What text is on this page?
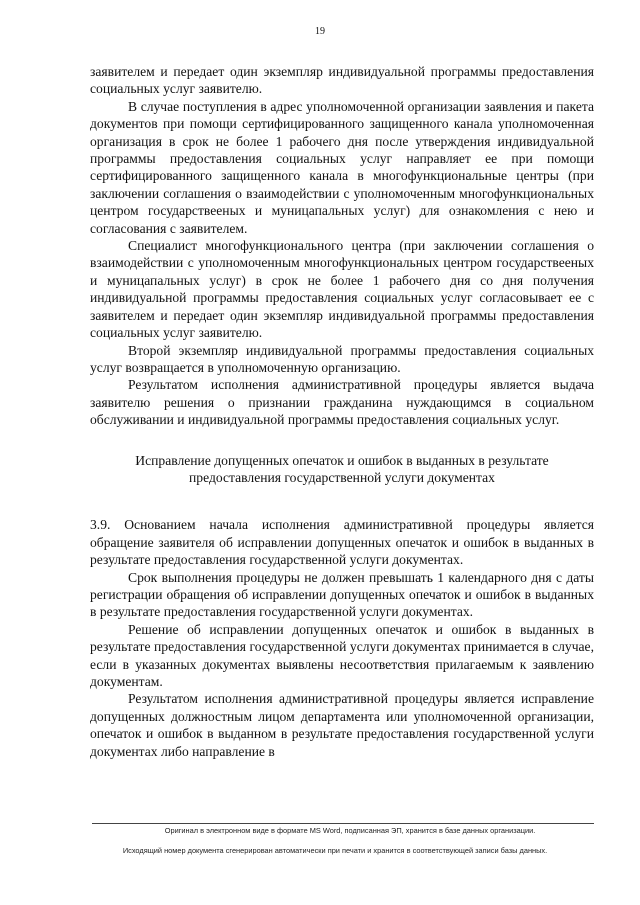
19

заявителем и передает один экземпляр индивидуальной программы предоставления социальных услуг заявителю.

В случае поступления в адрес уполномоченной организации заявления и пакета документов при помощи сертифицированного защищенного канала уполномоченная организация в срок не более 1 рабочего дня после утверждения индивидуальной программы предоставления социальных услуг направляет ее при помощи сертифицированного защищенного канала в многофункциональные центры (при заключении соглашения о взаимодействии с уполномоченным многофункциональных центром государствееных и муницапальных услуг) для ознакомления с нею и согласования с заявителем.

Специалист многофункционального центра (при заключении соглашения о взаимодействии с уполномоченным многофункциональных центром государствееных и муницапальных услуг) в срок не более 1 рабочего дня со дня получения индивидуальной программы предоставления социальных услуг согласовывает ее с заявителем и передает один экземпляр индивидуальной программы предоставления социальных услуг заявителю.

Второй экземпляр индивидуальной программы предоставления социальных услуг возвращается в уполномоченную организацию.

Результатом исполнения административной процедуры является выдача заявителю решения о признании гражданина нуждающимся в социальном обслуживании и индивидуальной программы предоставления социальных услуг.

Исправление допущенных опечаток и ошибок в выданных в результате предоставления государственной услуги документах

3.9. Основанием начала исполнения административной процедуры является обращение заявителя об исправлении допущенных опечаток и ошибок в выданных в результате предоставления государственной услуги документах.

Срок выполнения процедуры не должен превышать 1 календарного дня с даты регистрации обращения об исправлении допущенных опечаток и ошибок в выданных в результате предоставления государственной услуги документах.

Решение об исправлении допущенных опечаток и ошибок в выданных в результате предоставления государственной услуги документах принимается в случае, если в указанных документах выявлены несоответствия прилагаемым к заявлению документам.

Результатом исполнения административной процедуры является исправление допущенных должностным лицом департамента или уполномоченной организации, опечаток и ошибок в выданном в результате предоставления государственной услуги документах либо направление в

Оригинал в электронном виде в формате MS Word, подписанная ЭП, хранится в базе данных организации.
Исходящий номер документа сгенерирован автоматически при печати и хранится в соответствующей записи базы данных.
